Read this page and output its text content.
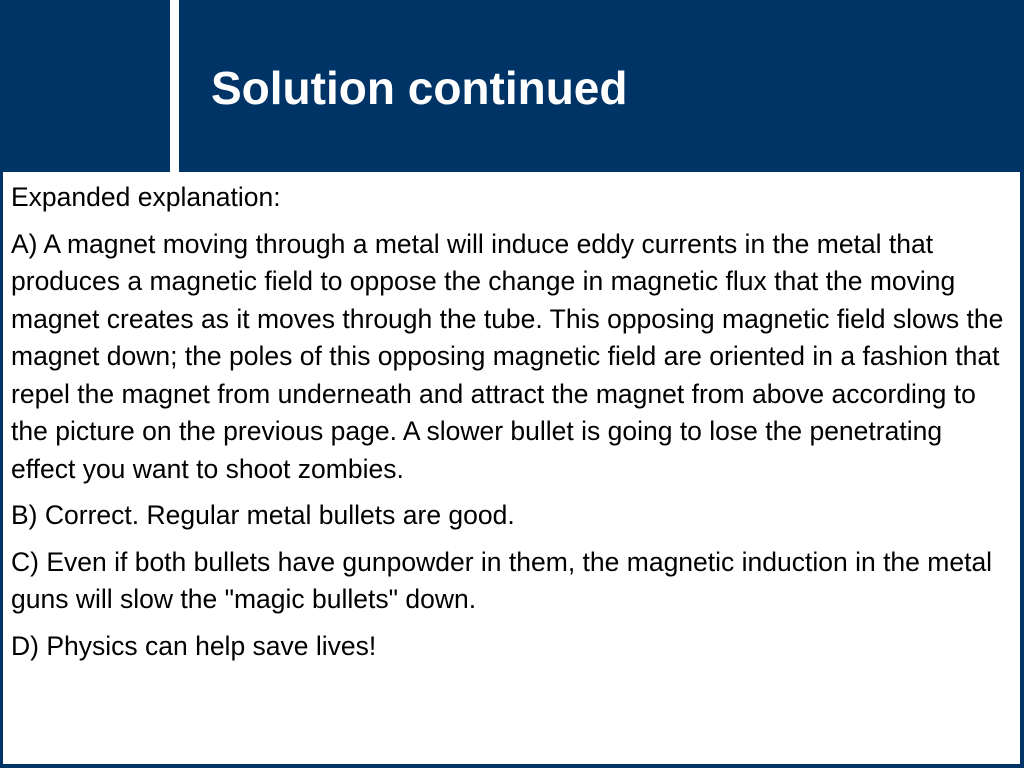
Solution continued

Expanded explanation:

A) A magnet moving through a metal will induce eddy currents in the metal that produces a magnetic field to oppose the change in magnetic flux that the moving magnet creates as it moves through the tube. This opposing magnetic field slows the magnet down; the poles of this opposing magnetic field are oriented in a fashion that repel the magnet from underneath and attract the magnet from above according to the picture on the previous page. A slower bullet is going to lose the penetrating effect you want to shoot zombies.

B) Correct. Regular metal bullets are good.

C) Even if both bullets have gunpowder in them, the magnetic induction in the metal guns will slow the "magic bullets" down.

D) Physics can help save lives!
